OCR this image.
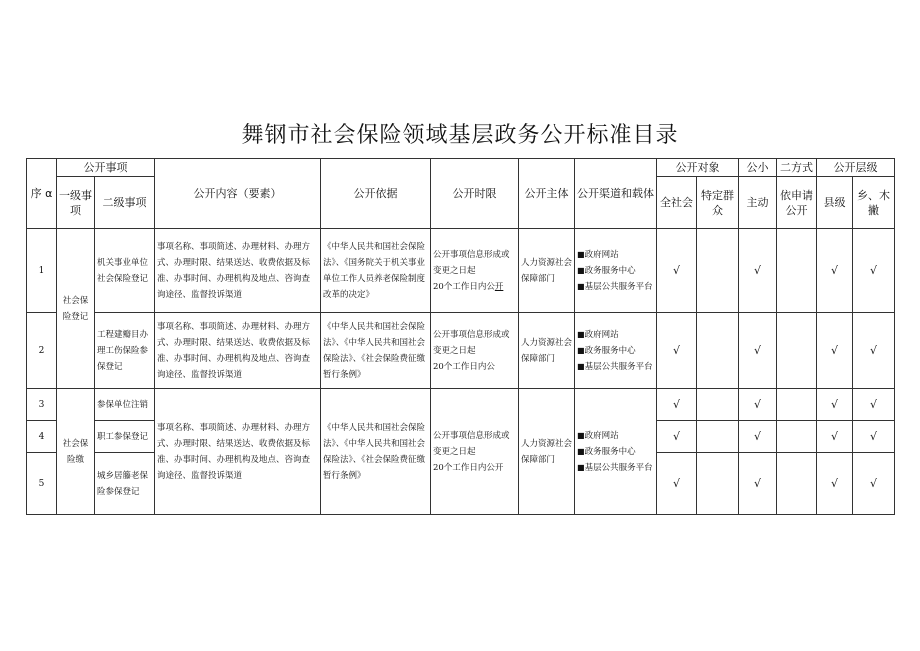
舞钢市社会保险领域基层政务公开标准目录
序 α	公开事项		公开内容（要素）	公开依据	公开时限	公开主体	公开渠道和载体	公开对象		公小	二方式	公开层级	
	一级事项	二级事项						全社会	特定群众	主动	依申请公开	县级	乡、木撇

1	社会保险登记	机关事业单位社会保险登记	事项名称、事项简述、办理材料、办理方式、办理时限、结果送达、收费依据及标准、办事时间、办理机构及地点、咨询查询途径、监督投诉渠道	《中华人民共和国社会保险法》、《国务院关于机关事业单位工作人员养老保险制度改革的决定》	公开事项信息形成或变更之日起
20个工作日内公开	人力资源社会保障部门	■政府网站
■政务服务中心
■基层公共服务平台	√		√		√	√
2		工程建瓣目办理工伤保险参保登记	事项名称、事项简述、办理材料、办理方式、办理时限、结果送达、收费依据及标准、办事时间、办理机构及地点、咨询查询途径、监督投诉渠道	《中华人民共和国社会保险法》、《中华人民共和国社会保险法》、《社会保险费征缴暂行条例》	公开事项信息形成或变更之日起
20个工作日内公	人力资源社会保障部门	■政府网站
■政务服务中心
■基层公共服务平台	√		√		√	√
3	社会保险缴	参保单位注销	事项名称、事项简述、办理材料、办理方式、办理时限、结果送达、收费依据及标准、办事时间、办理机构及地点、咨询查询途径、监督投诉渠道	《中华人民共和国社会保险法》、《中华人民共和国社会保险法》、《社会保险费征缴暂行条例》	公开事项信息形成或变更之日起
20个工作日内公开	人力资源社会保障部门	■政府网站
■政务服务中心
■基层公共服务平台	√		√		√	√
4		职工参保登记						√		√		√	√
5		城乡居籐老保险参保登记						√		√		√	√
